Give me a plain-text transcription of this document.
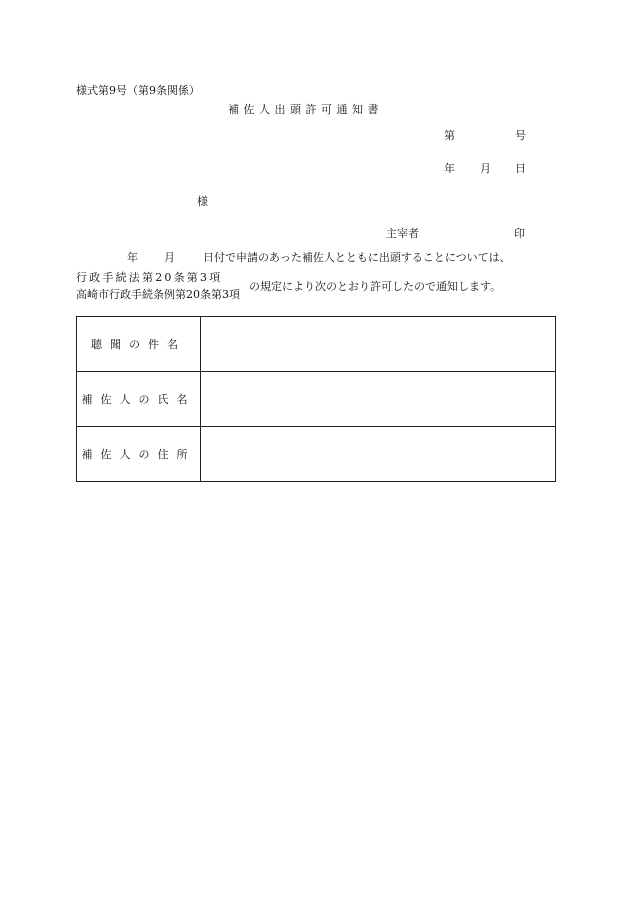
様式第9号（第9条関係）
補佐人出頭許可通知書
第	号
年 月 日
様
主宰者	印
年 月	日付で申請のあった補佐人とともに出頭することについては、
行政手続法第20条第3項
高崎市行政手続条例第20条第3項
の規定により次のとおり許可したので通知します。
聴聞の件名	
補佐人の氏名	
補佐人の住所	
